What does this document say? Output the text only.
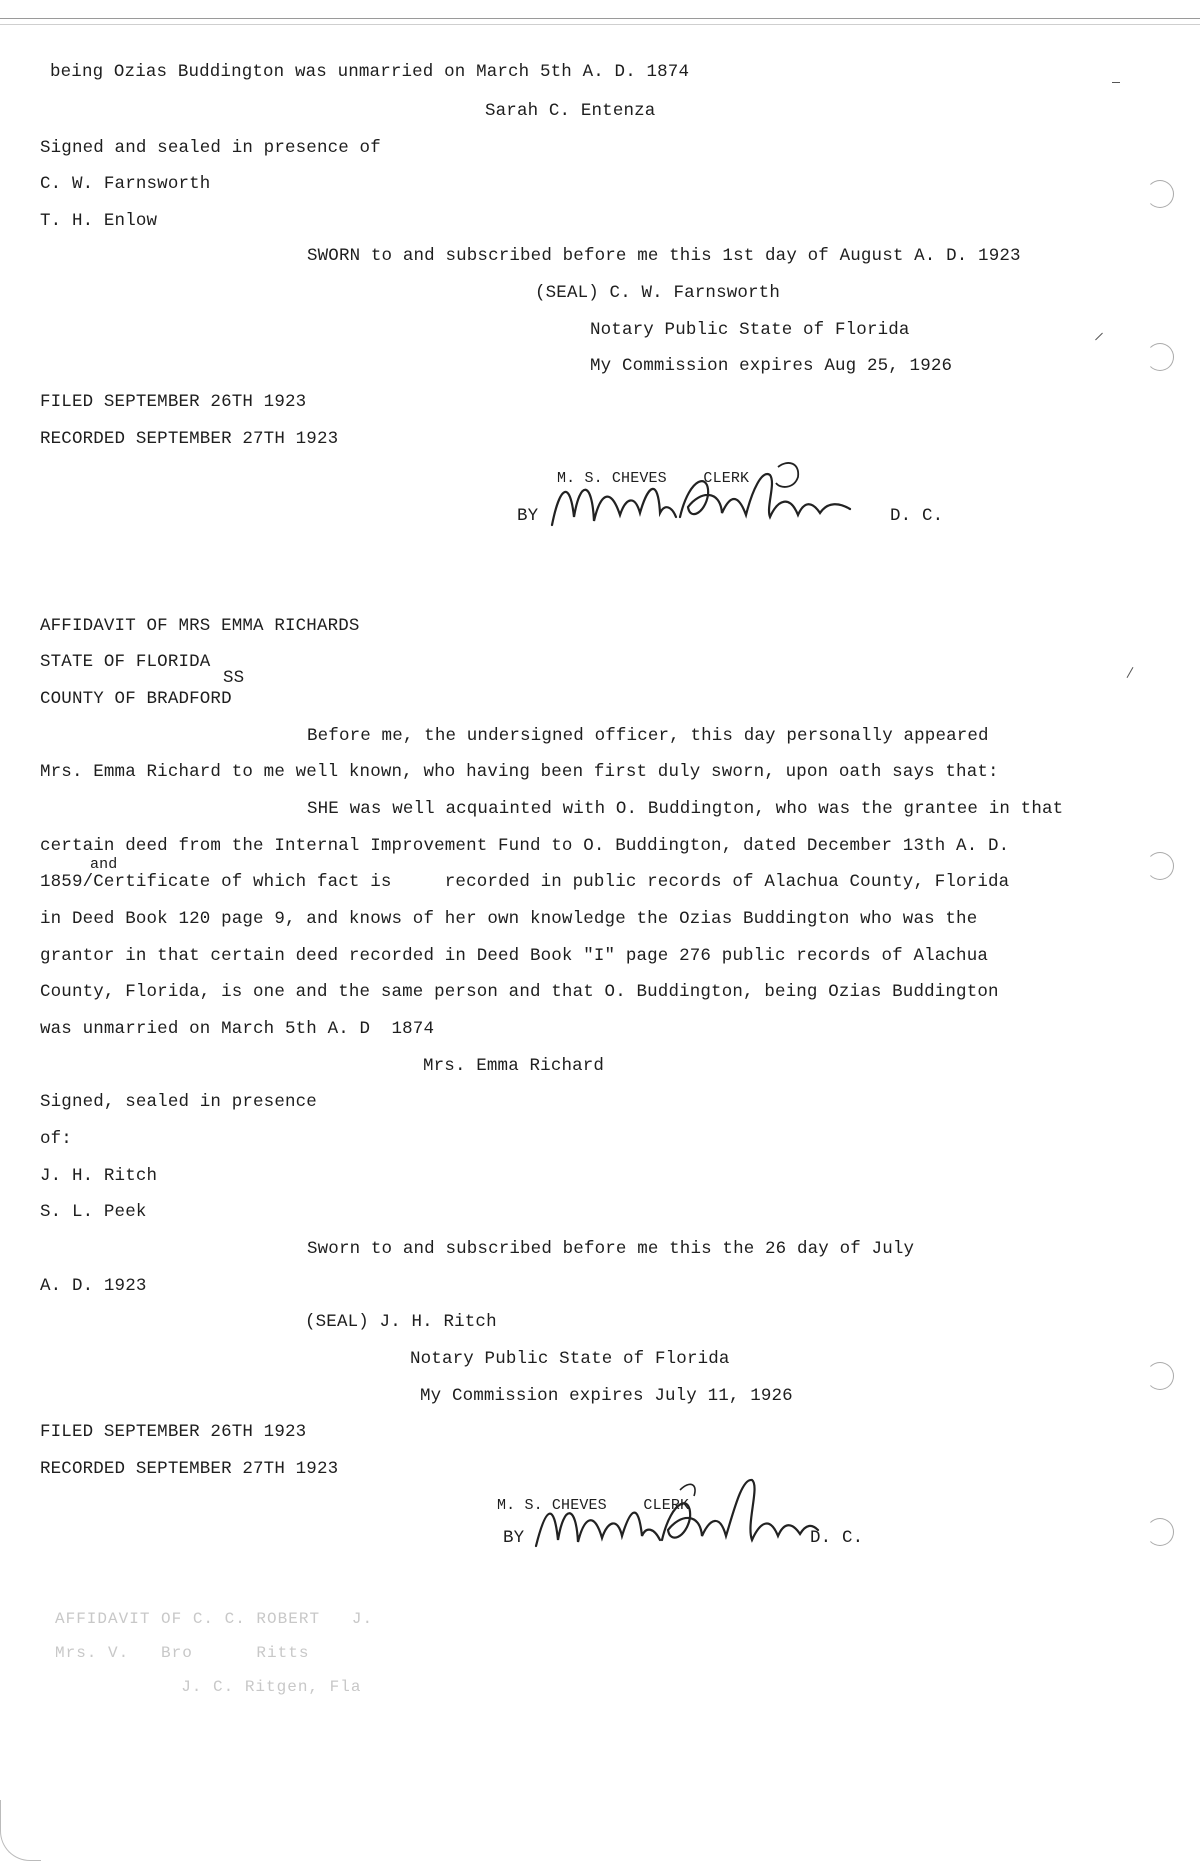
being Ozias Buddington was unmarried on March 5th A. D. 1874
Sarah C. Entenza
Signed and sealed in presence of
C. W. Farnsworth
T. H. Enlow
SWORN to and subscribed before me this 1st day of August A. D. 1923
(SEAL) C. W. Farnsworth
Notary Public State of Florida
My Commission expires Aug 25, 1926
FILED SEPTEMBER 26TH 1923
RECORDED SEPTEMBER 27TH 1923
M. S. CHEVES    CLERK
BY	D. C.
AFFIDAVIT OF MRS EMMA RICHARDS
STATE OF FLORIDA
SS
COUNTY OF BRADFORD
Before me, the undersigned officer, this day personally appeared
Mrs. Emma Richard to me well known, who having been first duly sworn, upon oath says that:
SHE was well acquainted with O. Buddington, who was the grantee in that
certain deed from the Internal Improvement Fund to O. Buddington, dated December 13th A. D.
and
1859/Certificate of which fact is     recorded in public records of Alachua County, Florida
in Deed Book 120 page 9, and knows of her own knowledge the Ozias Buddington who was the
grantor in that certain deed recorded in Deed Book "I" page 276 public records of Alachua
County, Florida, is one and the same person and that O. Buddington, being Ozias Buddington
was unmarried on March 5th A. D  1874
Mrs. Emma Richard
Signed, sealed in presence
of:
J. H. Ritch
S. L. Peek
Sworn to and subscribed before me this the 26 day of July
A. D. 1923
(SEAL) J. H. Ritch
Notary Public State of Florida
My Commission expires July 11, 1926
FILED SEPTEMBER 26TH 1923
RECORDED SEPTEMBER 27TH 1923
M. S. CHEVES    CLERK
BY	D. C.
AFFIDAVIT OF C. C. ROBERT   J.
Mrs. V.   Bro      Ritts
J. C. Ritgen, Fla
